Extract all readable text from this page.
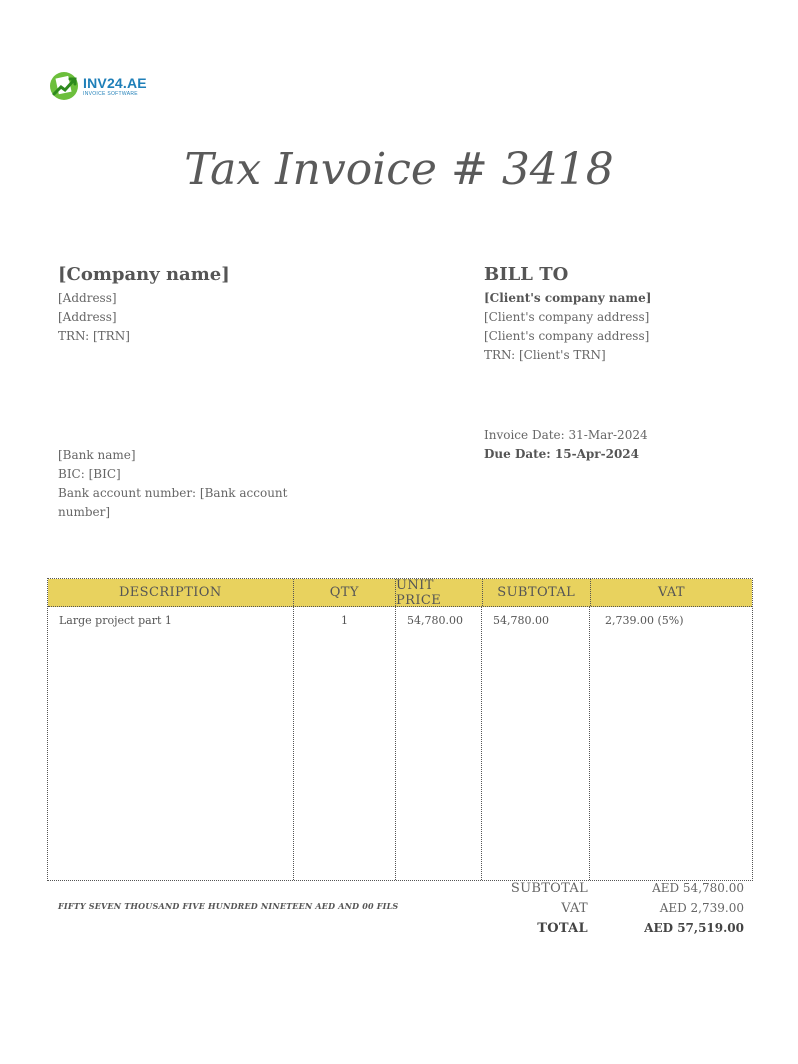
INV24.AE
INVOICE SOFTWARE
Tax Invoice # 3418
[Company name]
[Address]
[Address]
TRN: [TRN]
BILL TO
[Client's company name]
[Client's company address]
[Client's company address]
TRN: [Client's TRN]
[Bank name]
BIC: [BIC]
Bank account number: [Bank account
number]
Invoice Date: 31-Mar-2024
Due Date: 15-Apr-2024
DESCRIPTION	QTY	UNIT PRICE	SUBTOTAL	VAT
Large project part 1	1	54,780.00	54,780.00	2,739.00 (5%)
FIFTY SEVEN THOUSAND FIVE HUNDRED NINETEEN AED AND 00 FILS
SUBTOTAL	AED 54,780.00
VAT	AED 2,739.00
TOTAL	AED 57,519.00
